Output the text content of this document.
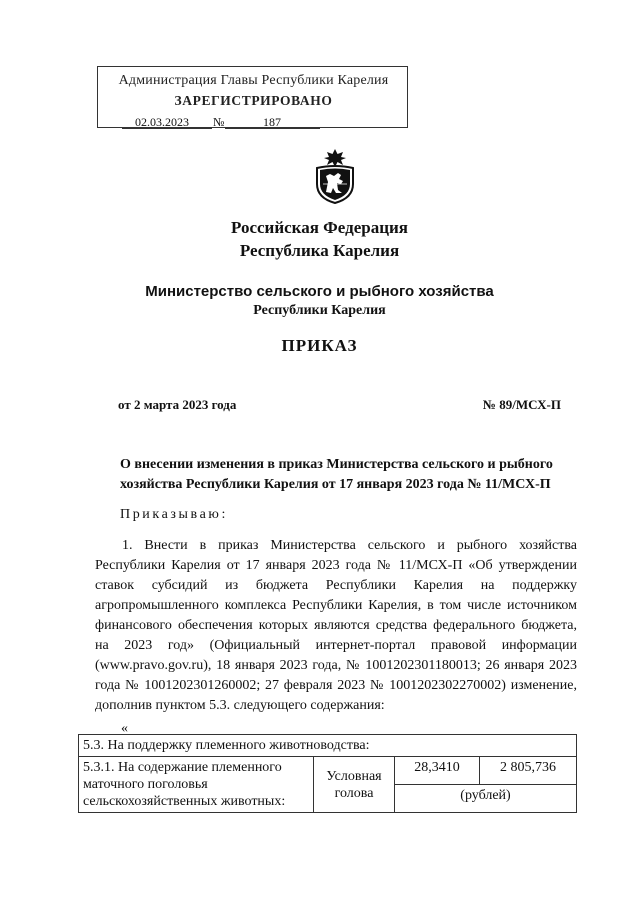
Администрация Главы Республики Карелия
ЗАРЕГИСТРИРОВАНО
02.03.2023 №	187
Российская Федерация
Республика Карелия
Министерство сельского и рыбного хозяйства
Республики Карелия
ПРИКАЗ
от 2 марта 2023 года	№ 89/МСХ-П
О внесении изменения в приказ Министерства сельского и рыбного хозяйства Республики Карелия от 17 января 2023 года № 11/МСХ-П
Приказываю:
1. Внести в приказ Министерства сельского и рыбного хозяйства Республики Карелия от 17 января 2023 года № 11/МСХ-П «Об утверждении ставок субсидий из бюджета Республики Карелия на поддержку агропромышленного комплекса Республики Карелия, в том числе источником финансового обеспечения которых являются средства федерального бюджета, на 2023 год» (Официальный интернет-портал правовой информации (www.pravo.gov.ru), 18 января 2023 года, № 1001202301180013; 26 января 2023 года № 1001202301260002; 27 февраля 2023 № 1001202302270002) изменение, дополнив пунктом 5.3. следующего содержания:
«
5.3. На поддержку племенного животноводства:
5.3.1. На содержание племенного маточного поголовья сельскохозяйственных животных:	Условная голова	28,3410	2 805,736
(рублей)
